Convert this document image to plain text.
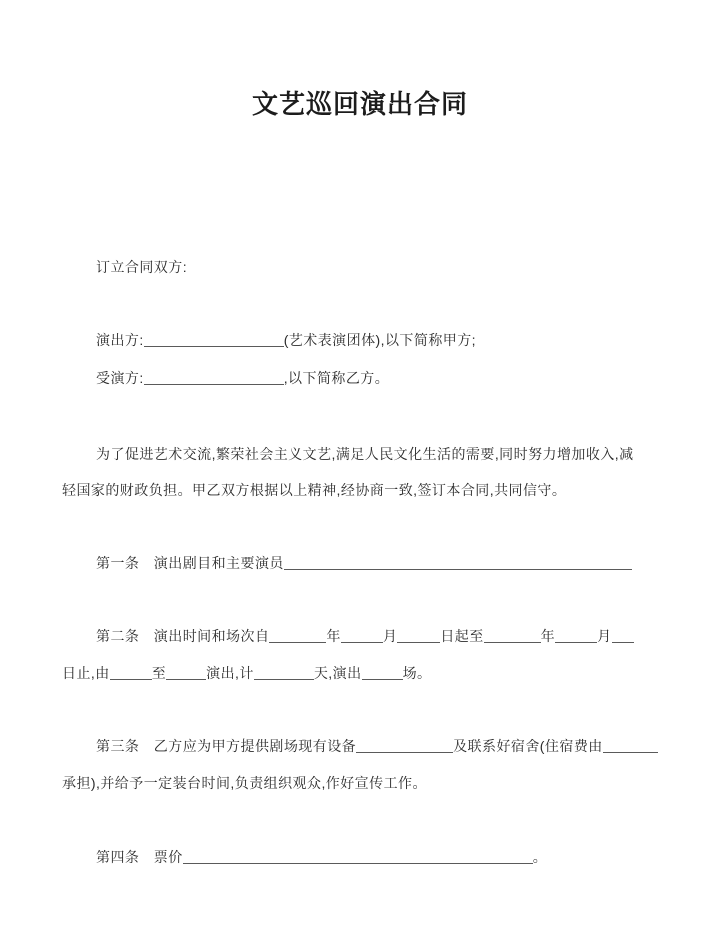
文艺巡回演出合同
订立合同双方:
演出方:	(艺术表演团体),以下简称甲方;
受演方:	,以下简称乙方。
为了促进艺术交流,繁荣社会主义文艺,满足人民文化生活的需要,同时努力增加收入,减
轻国家的财政负担。甲乙双方根据以上精神,经协商一致,签订本合同,共同信守。
第一条　演出剧目和主要演员
第二条　演出时间和场次自	年	月	日起至	年	月
日止,由	至	演出,计	天,演出	场。
第三条　乙方应为甲方提供剧场现有设备	及联系好宿舍(住宿费由
承担),并给予一定装台时间,负责组织观众,作好宣传工作。
第四条　票价	。
